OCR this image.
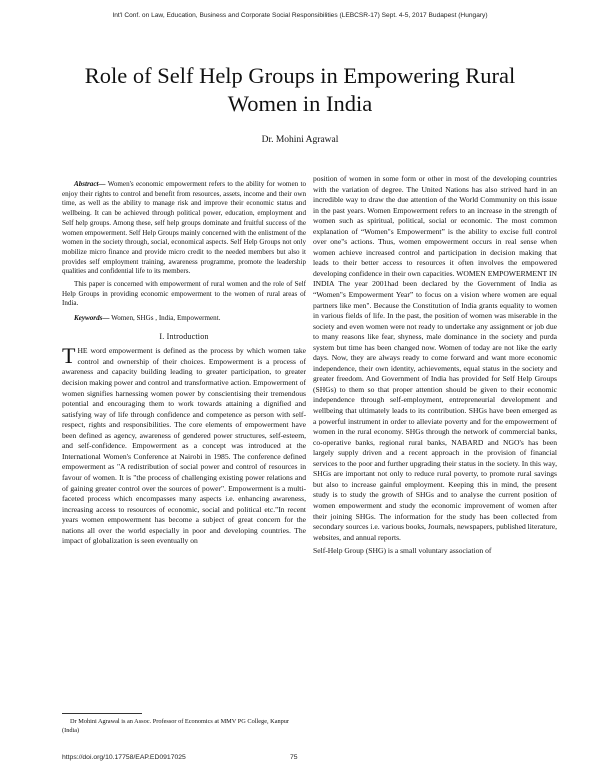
Int'l Conf. on Law, Education, Business and Corporate Social Responsibilities (LEBCSR-17) Sept. 4-5, 2017 Budapest (Hungary)
Role of Self Help Groups in Empowering Rural
Women in India
Dr. Mohini Agrawal

Abstract— Women's economic empowerment refers to the ability for women to enjoy their rights to control and benefit from resources, assets, income and their own time, as well as the ability to manage risk and improve their economic status and wellbeing. It can be achieved through political power, education, employment and Self help groups. Among these, self help groups dominate and fruitful success of the women empowerment. Self Help Groups mainly concerned with the enlistment of the women in the society through, social, economical aspects. Self Help Groups not only mobilize micro finance and provide micro credit to the needed members but also it provides self employment training, awareness programme, promote the leadership qualities and confidential life to its members.

This paper is concerned with empowerment of rural women and the role of Self Help Groups in providing economic empowerment to the women of rural areas of India.

Keywords— Women, SHGs , India, Empowerment.

I. Introduction

THE word empowerment is defined as the process by which women take control and ownership of their choices. Empowerment is a process of awareness and capacity building leading to greater participation, to greater decision making power and control and transformative action. Empowerment of women signifies harnessing women power by conscientising their tremendous potential and encouraging them to work towards attaining a dignified and satisfying way of life through confidence and competence as person with self-respect, rights and responsibilities. The core elements of empowerment have been defined as agency, awareness of gendered power structures, self-esteem, and self-confidence. Empowerment as a concept was introduced at the International Women's Conference at Nairobi in 1985. The conference defined empowerment as "A redistribution of social power and control of resources in favour of women. It is "the process of challenging existing power relations and of gaining greater control over the sources of power". Empowerment is a multi-faceted process which encompasses many aspects i.e. enhancing awareness, increasing access to resources of economic, social and political etc."In recent years women empowerment has become a subject of great concern for the nations all over the world especially in poor and developing countries. The impact of globalization is seen eventually on

position of women in some form or other in most of the developing countries with the variation of degree. The United Nations has also strived hard in an incredible way to draw the due attention of the World Community on this issue in the past years. Women Empowerment refers to an increase in the strength of women such as spiritual, political, social or economic. The most common explanation of “Women"s Empowerment” is the ability to excise full control over one"s actions. Thus, women empowerment occurs in real sense when women achieve increased control and participation in decision making that leads to their better access to resources it often involves the empowered developing confidence in their own capacities. WOMEN EMPOWERMENT IN INDIA The year 2001had been declared by the Government of India as “Women"s Empowerment Year” to focus on a vision where women are equal partners like men". Because the Constitution of India grants equality to women in various fields of life. In the past, the position of women was miserable in the society and even women were not ready to undertake any assignment or job due to many reasons like fear, shyness, male dominance in the society and purda system but time has been changed now. Women of today are not like the early days. Now, they are always ready to come forward and want more economic independence, their own identity, achievements, equal status in the society and greater freedom. And Government of India has provided for Self Help Groups (SHGs) to them so that proper attention should be given to their economic independence through self-employment, entrepreneurial development and wellbeing that ultimately leads to its contribution. SHGs have been emerged as a powerful instrument in order to alleviate poverty and for the empowerment of women in the rural economy. SHGs through the network of commercial banks, co-operative banks, regional rural banks, NABARD and NGO's has been largely supply driven and a recent approach in the provision of financial services to the poor and further upgrading their status in the society. In this way, SHGs are important not only to reduce rural poverty, to promote rural savings but also to increase gainful employment. Keeping this in mind, the present study is to study the growth of SHGs and to analyse the current position of women empowerment and study the economic improvement of women after their joining SHGs. The information for the study has been collected from secondary sources i.e. various books, Journals, newspapers, published literature, websites, and annual reports.

Self-Help Group (SHG) is a small voluntary association of

Dr Mohini Agrawal is an Assoc. Professor of Economics at MMV PG College, Kanpur (India)
https://doi.org/10.17758/EAP.ED0917025	75
